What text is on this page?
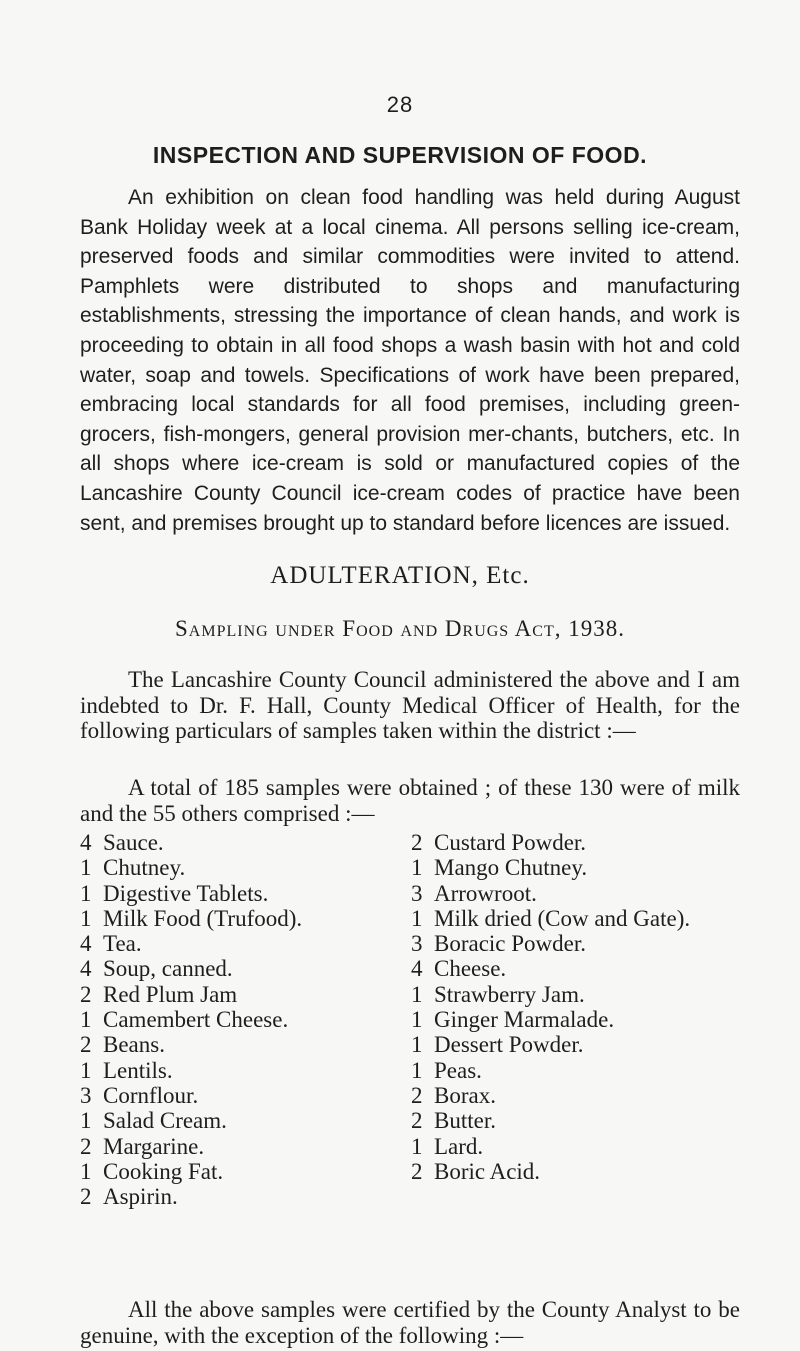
28
INSPECTION AND SUPERVISION OF FOOD.

An exhibition on clean food handling was held during August Bank Holiday week at a local cinema. All persons selling ice-cream, preserved foods and similar commodities were invited to attend. Pamphlets were distributed to shops and manufacturing establishments, stressing the importance of clean hands, and work is proceeding to obtain in all food shops a wash basin with hot and cold water, soap and towels. Specifications of work have been prepared, embracing local standards for all food premises, including green-grocers, fish-mongers, general provision mer-chants, butchers, etc. In all shops where ice-cream is sold or manufactured copies of the Lancashire County Council ice-cream codes of practice have been sent, and premises brought up to standard before licences are issued.

ADULTERATION, Etc.
Sampling under Food and Drugs Act, 1938.

The Lancashire County Council administered the above and I am indebted to Dr. F. Hall, County Medical Officer of Health, for the following particulars of samples taken within the district :—

A total of 185 samples were obtained ; of these 130 were of milk and the 55 others comprised :—

4 Sauce.
1 Chutney.
1 Digestive Tablets.
1 Milk Food (Trufood).
4 Tea.
4 Soup, canned.
2 Red Plum Jam
1 Camembert Cheese.
2 Beans.
1 Lentils.
3 Cornflour.
1 Salad Cream.
2 Margarine.
1 Cooking Fat.
2 Aspirin.
2 Custard Powder.
1 Mango Chutney.
3 Arrowroot.
1 Milk dried (Cow and Gate).
3 Boracic Powder.
4 Cheese.
1 Strawberry Jam.
1 Ginger Marmalade.
1 Dessert Powder.
1 Peas.
2 Borax.
2 Butter.
1 Lard.
2 Boric Acid.

All the above samples were certified by the County Analyst to be genuine, with the exception of the following :—
